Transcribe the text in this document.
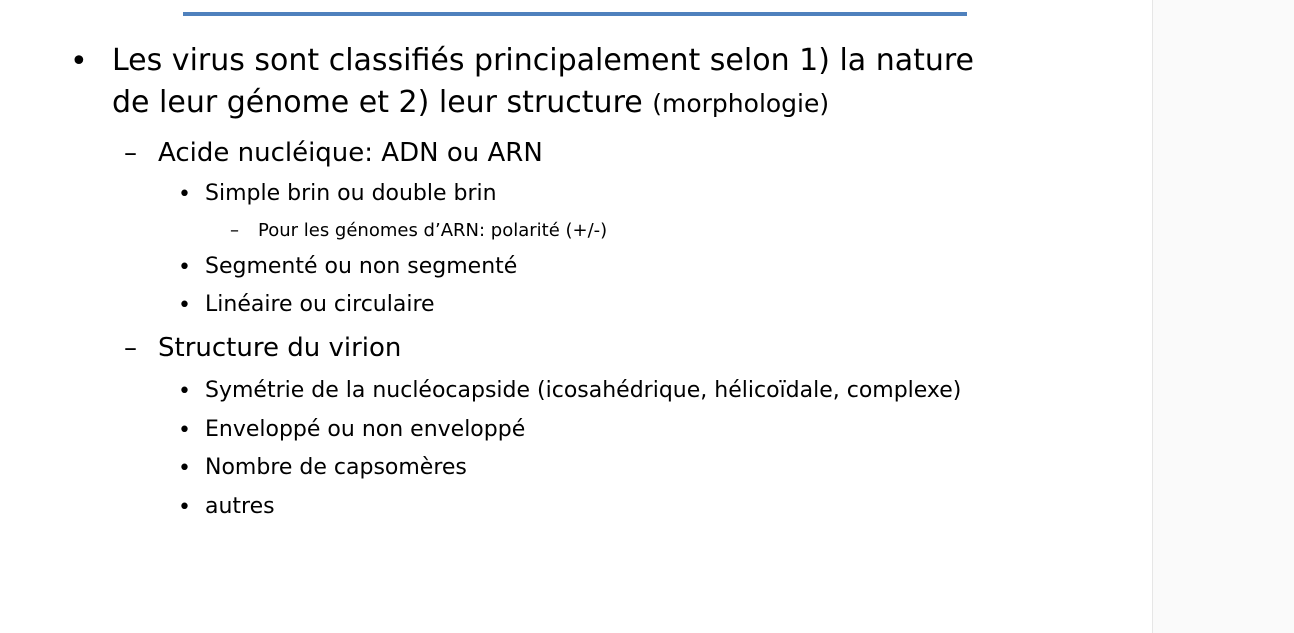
• Les virus sont classifiés principalement selon 1) la nature
de leur génome et 2) leur structure (morphologie)
– Acide nucléique: ADN ou ARN
• Simple brin ou double brin
– Pour les génomes d’ARN: polarité (+/-)
• Segmenté ou non segmenté
• Linéaire ou circulaire
– Structure du virion
• Symétrie de la nucléocapside (icosahédrique, hélicoïdale, complexe)
• Enveloppé ou non enveloppé
• Nombre de capsomères
• autres
